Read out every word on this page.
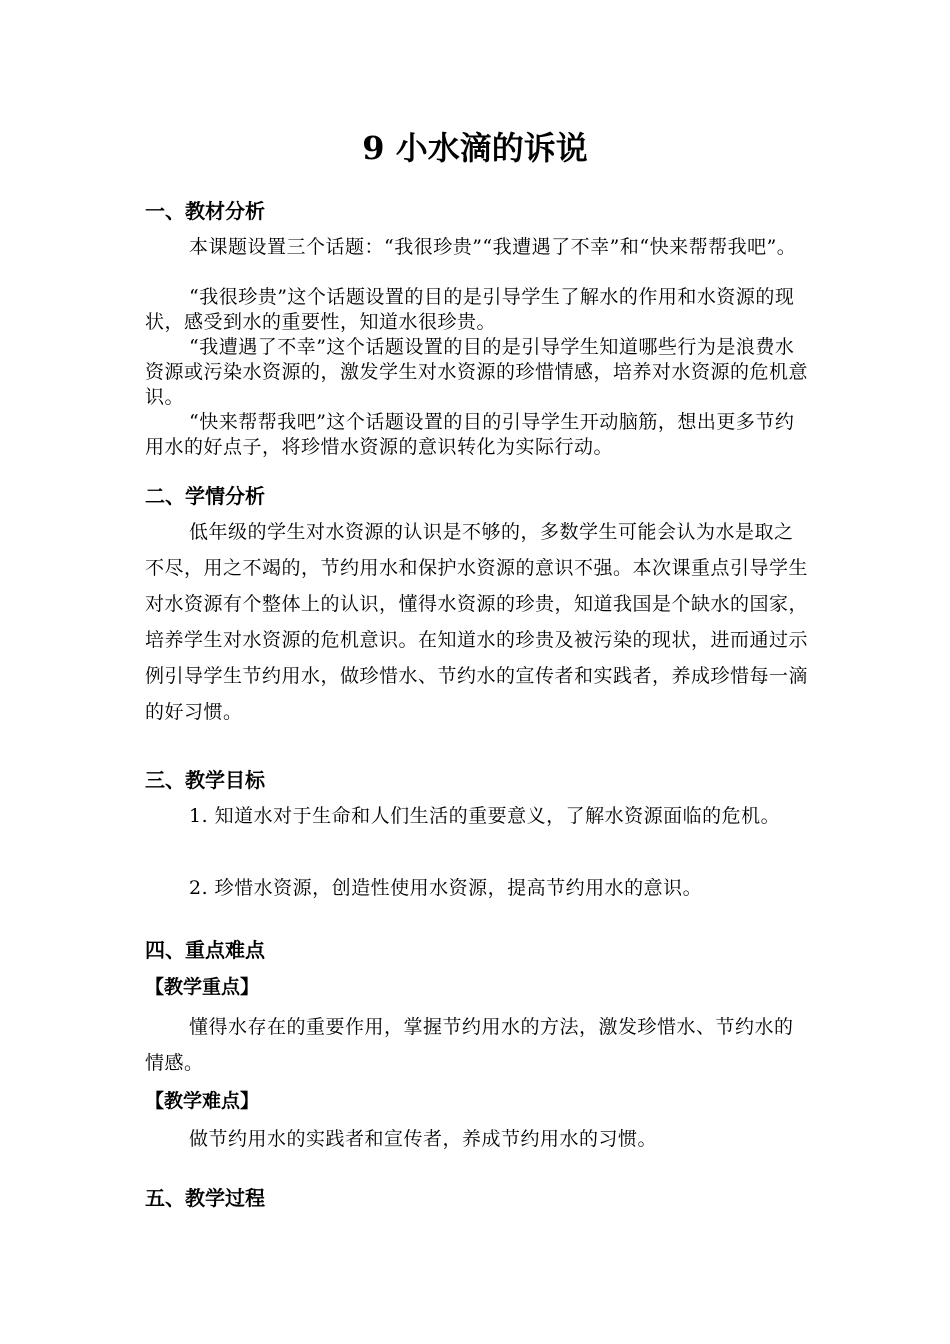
9 小水滴的诉说
一、教材分析

本课题设置三个话题：“我很珍贵”“我遭遇了不幸”和“快来帮帮我吧”。

“我很珍贵”这个话题设置的目的是引导学生了解水的作用和水资源的现状，感受到水的重要性，知道水很珍贵。

“我遭遇了不幸”这个话题设置的目的是引导学生知道哪些行为是浪费水资源或污染水资源的，激发学生对水资源的珍惜情感，培养对水资源的危机意识。

“快来帮帮我吧”这个话题设置的目的引导学生开动脑筋，想出更多节约用水的好点子，将珍惜水资源的意识转化为实际行动。

二、学情分析

低年级的学生对水资源的认识是不够的，多数学生可能会认为水是取之不尽，用之不竭的，节约用水和保护水资源的意识不强。本次课重点引导学生对水资源有个整体上的认识，懂得水资源的珍贵，知道我国是个缺水的国家，培养学生对水资源的危机意识。在知道水的珍贵及被污染的现状，进而通过示例引导学生节约用水，做珍惜水、节约水的宣传者和实践者，养成珍惜每一滴的好习惯。

三、教学目标

1. 知道水对于生命和人们生活的重要意义，了解水资源面临的危机。

2. 珍惜水资源，创造性使用水资源，提高节约用水的意识。

四、重点难点

【教学重点】

懂得水存在的重要作用，掌握节约用水的方法，激发珍惜水、节约水的情感。

【教学难点】

做节约用水的实践者和宣传者，养成节约用水的习惯。

五、教学过程
